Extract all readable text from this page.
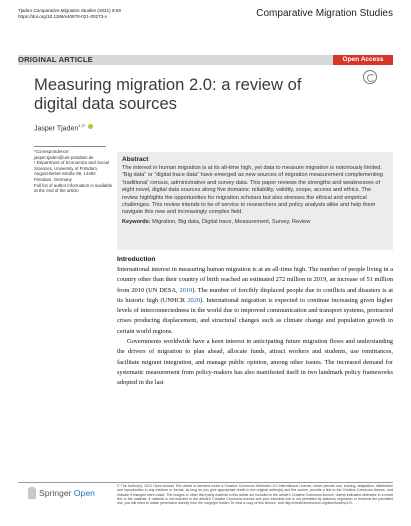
Tjaden Comparative Migration Studies (2021) 9:59
https://doi.org/10.1186/s40878-021-00273-x	Comparative Migration Studies
ORIGINAL ARTICLE	Open Access
Measuring migration 2.0: a review of digital data sources
Jasper Tjaden$^{1,2*}$
*Correspondence:
jasper.tjaden@uni-potsdam.de
¹ Department of Economics and Social Sciences, University of Potsdam, August-Bebel-Straße 89, 14482 Potsdam, Germany
Full list of author information is available at the end of the article
Abstract
The interest in human migration is at its all-time high, yet data to measure migration is notoriously limited. “Big data” or “digital trace data” have emerged as new sources of migration measurement complementing ‘traditional’ census, administrative and survey data. This paper reviews the strengths and weaknesses of eight novel, digital data sources along five domains: reliability, validity, scope, access and ethics. The review highlights the opportunities for migration scholars but also stresses the ethical and empirical challenges. This review intends to be of service to researchers and policy analysts alike and help them navigate this new and increasingly complex field.
Keywords: Migration, Big data, Digital trace, Measurement, Survey, Review
Introduction

International interest in measuring human migration is at an all-time high. The number of people living in a country other than their country of birth reached an estimated 272 million in 2019, an increase of 51 million from 2010 (UN DESA, 2019). The number of forcibly displaced people due to conflicts and disasters is at its historic high (UNHCR 2020). International migration is expected to continue increasing given higher levels of interconnectedness in the world due to improved communication and transport systems, protracted crises producing displacement, and structural changes such as climate change and population growth in certain world regions.

Governments worldwide have a keen interest in anticipating future migration flows and understanding the drivers of migration to plan ahead, allocate funds, attract workers and students, use remittances, facilitate migrant integration, and manage public opinion, among other issues. The increased demand for systematic measurement from policy-makers has also manifested itself in two landmark policy frameworks adopted in the last

Springer Open
© The Author(s). 2021 Open Access This article is licensed under a Creative Commons Attribution 4.0 International License, which permits use, sharing, adaptation, distribution and reproduction in any medium or format, as long as you give appropriate credit to the original author(s) and the source, provide a link to the Creative Commons licence, and indicate if changes were made. The images or other third party material in this article are included in the article's Creative Commons licence, unless indicated otherwise in a credit line to the material. If material is not included in the article's Creative Commons licence and your intended use is not permitted by statutory regulation or exceeds the permitted use, you will need to obtain permission directly from the copyright holder. To view a copy of this licence, visit http://creativecommons.org/licenses/by/4.0/.
